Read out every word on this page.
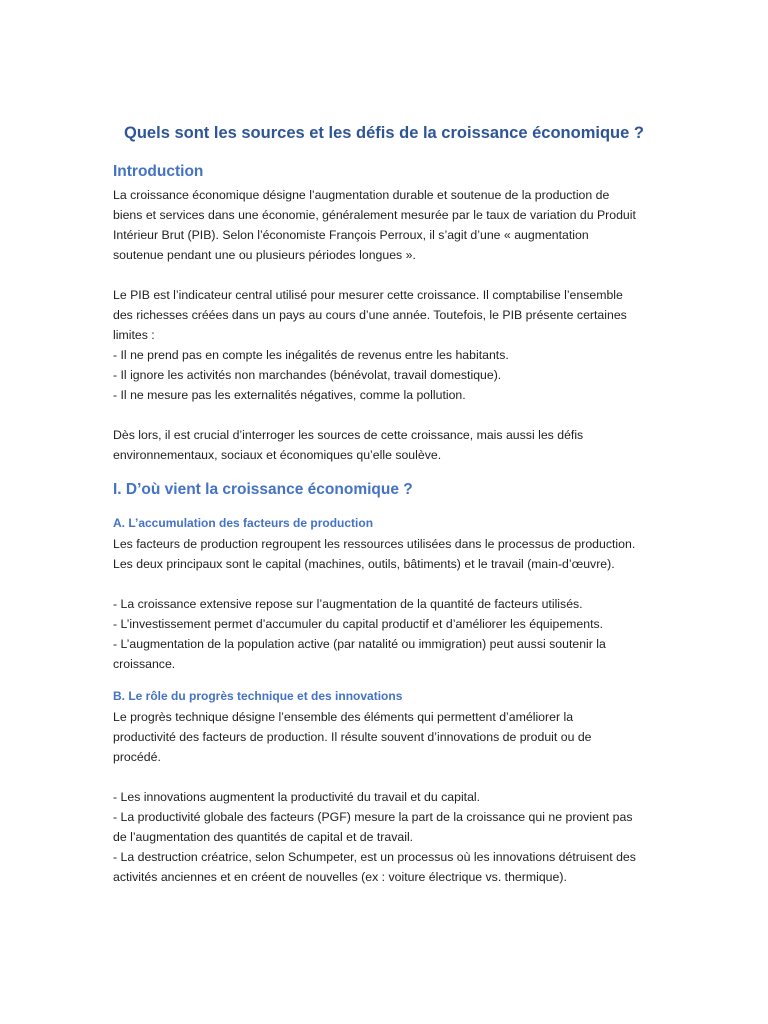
Quels sont les sources et les défis de la croissance économique ?
Introduction
La croissance économique désigne l’augmentation durable et soutenue de la production de
biens et services dans une économie, généralement mesurée par le taux de variation du Produit
Intérieur Brut (PIB). Selon l’économiste François Perroux, il s’agit d’une « augmentation
soutenue pendant une ou plusieurs périodes longues ».
Le PIB est l’indicateur central utilisé pour mesurer cette croissance. Il comptabilise l’ensemble
des richesses créées dans un pays au cours d’une année. Toutefois, le PIB présente certaines
limites :
- Il ne prend pas en compte les inégalités de revenus entre les habitants.
- Il ignore les activités non marchandes (bénévolat, travail domestique).
- Il ne mesure pas les externalités négatives, comme la pollution.
Dès lors, il est crucial d’interroger les sources de cette croissance, mais aussi les défis
environnementaux, sociaux et économiques qu’elle soulève.
I. D’où vient la croissance économique ?
A. L’accumulation des facteurs de production
Les facteurs de production regroupent les ressources utilisées dans le processus de production.
Les deux principaux sont le capital (machines, outils, bâtiments) et le travail (main-d’œuvre).
- La croissance extensive repose sur l’augmentation de la quantité de facteurs utilisés.
- L’investissement permet d’accumuler du capital productif et d’améliorer les équipements.
- L’augmentation de la population active (par natalité ou immigration) peut aussi soutenir la
croissance.
B. Le rôle du progrès technique et des innovations
Le progrès technique désigne l’ensemble des éléments qui permettent d’améliorer la
productivité des facteurs de production. Il résulte souvent d’innovations de produit ou de
procédé.
- Les innovations augmentent la productivité du travail et du capital.
- La productivité globale des facteurs (PGF) mesure la part de la croissance qui ne provient pas
de l’augmentation des quantités de capital et de travail.
- La destruction créatrice, selon Schumpeter, est un processus où les innovations détruisent des
activités anciennes et en créent de nouvelles (ex : voiture électrique vs. thermique).
